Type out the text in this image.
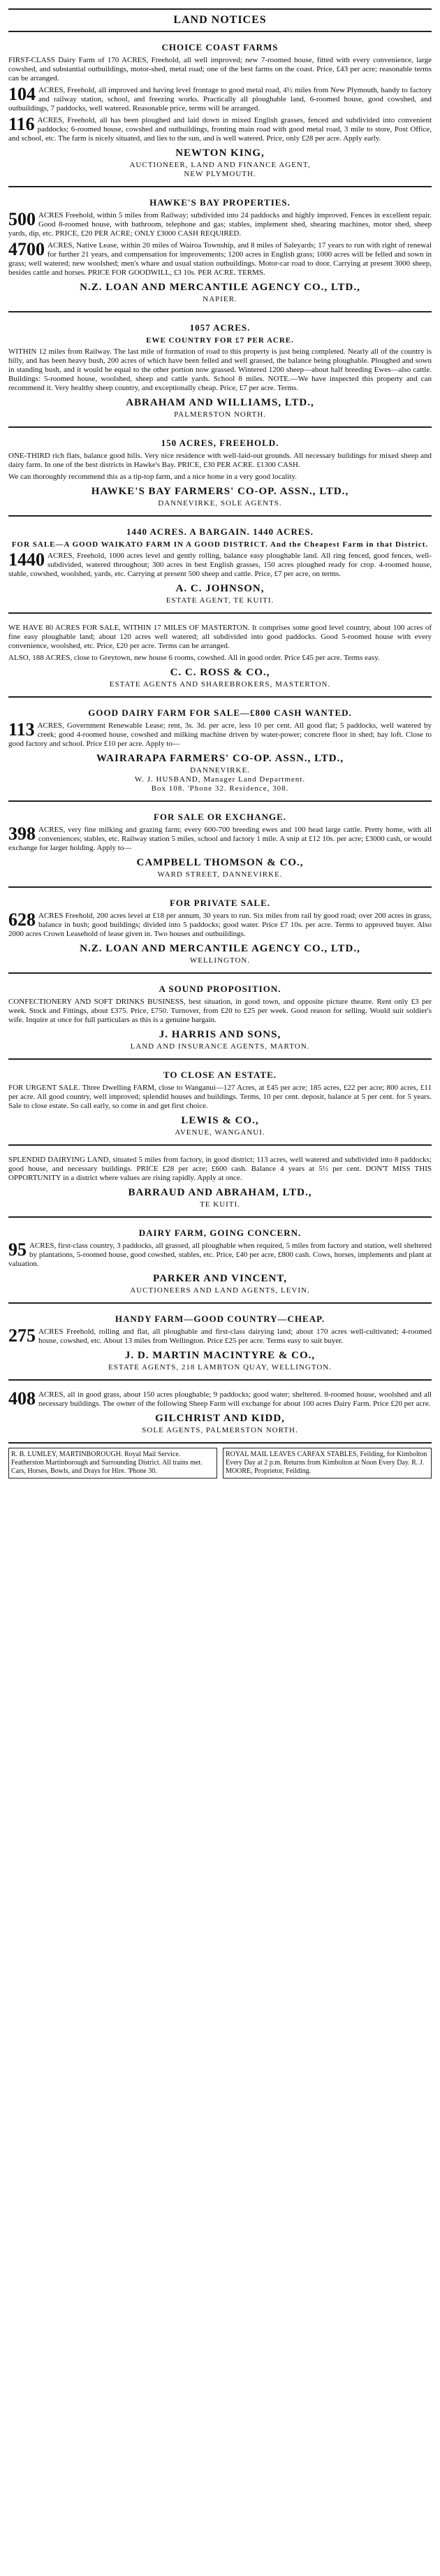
LAND NOTICES
CHOICE COAST FARMS
FIRST-CLASS Dairy Farm of 170 ACRES, Freehold, all well improved; new 7-roomed house, fitted with every convenience, large cowshed, and substantial outbuildings, motor-shed, metal road; one of the best farms on the coast. Price, £43 per acre; reasonable terms can be arranged.
104 ACRES, Freehold, all improved and having level frontage to good metal road, 4½ miles from New Plymouth, handy to factory and railway station, school, and freezing works. Practically all ploughable land, 6-roomed house, good cowshed, and outbuildings, 7 paddocks, well watered. Reasonable price, terms will be arranged.
116 ACRES, Freehold, all has been ploughed and laid down in mixed English grasses, fenced and subdivided into convenient paddocks; 6-roomed house, cowshed and outbuildings, fronting main road with good metal road, 3 mile to store, Post Office, and school, etc. The farm is nicely situated, and lies to the sun, and is well watered. Price, only £28 per acre. Apply early.
NEWTON KING,
AUCTIONEER, LAND AND FINANCE AGENT,
NEW PLYMOUTH.
HAWKE'S BAY PROPERTIES.
500 ACRES Freehold, within 5 miles from Railway; subdivided into 24 paddocks and highly improved. Fences in excellent repair. Good 8-roomed house, with bathroom, telephone and gas; stables, implement shed, shearing machines, motor shed, sheep yards, dip, etc. PRICE, £20 PER ACRE; ONLY £3000 CASH REQUIRED.
4700 ACRES, Native Lease, within 20 miles of Wairoa Township, and 8 miles of Saleyards; 17 years to run with right of renewal for further 21 years, and compensation for improvements; 1200 acres in English grass; 1000 acres will be felled and sown in grass; well watered; new woolshed; men's whare and usual station outbuildings. Motor-car road to door. Carrying at present 3000 sheep, besides cattle and horses. PRICE FOR GOODWILL, £3 10s. PER ACRE. TERMS.
N.Z. LOAN AND MERCANTILE AGENCY CO., LTD.,
NAPIER.
1057 ACRES.
EWE COUNTRY FOR £7 PER ACRE.
WITHIN 12 miles from Railway. The last mile of formation of road to this property is just being completed. Nearly all of the country is hilly, and has been heavy bush, 200 acres of which have been felled and well grassed, the balance being ploughable. Ploughed and sown in standing bush, and it would be equal to the other portion now grassed. Wintered 1200 sheep—about half breeding Ewes—also cattle. Buildings: 5-roomed house, woolshed, sheep and cattle yards. School 8 miles. NOTE.—We have inspected this property and can recommend it. Very healthy sheep country, and exceptionally cheap. Price, £7 per acre. Terms.
ABRAHAM AND WILLIAMS, LTD.,
PALMERSTON NORTH.
150 ACRES, FREEHOLD.
ONE-THIRD rich flats, balance good hills. Very nice residence with well-laid-out grounds. All necessary buildings for mixed sheep and dairy farm. In one of the best districts in Hawke's Bay. PRICE, £30 PER ACRE. £1300 CASH.
We can thoroughly recommend this as a tip-top farm, and a nice home in a very good locality.
HAWKE'S BAY FARMERS' CO-OP. ASSN., LTD.,
DANNEVIRKE, SOLE AGENTS.
1440 ACRES. A BARGAIN. 1440 ACRES.
FOR SALE—A GOOD WAIKATO FARM IN A GOOD DISTRICT. And the Cheapest Farm in that District.
1440 ACRES, Freehold, 1000 acres level and gently rolling, balance easy ploughable land. All ring fenced, good fences, well-subdivided, watered throughout; 300 acres in best English grasses, 150 acres ploughed ready for crop. 4-roomed house, stable, cowshed, woolshed, yards, etc. Carrying at present 500 sheep and cattle. Price, £7 per acre, on terms.
A. C. JOHNSON,
ESTATE AGENT, TE KUITI.
WE HAVE 80 ACRES FOR SALE, WITHIN 17 MILES OF MASTERTON. It comprises some good level country, about 100 acres of fine easy ploughable land; about 120 acres well watered; all subdivided into good paddocks. Good 5-roomed house with every convenience, woolshed, etc. Price, £20 per acre. Terms can be arranged.
ALSO, 188 ACRES, close to Greytown, new house 6 rooms, cowshed. All in good order. Price £45 per acre. Terms easy.
C. C. ROSS & CO.,
ESTATE AGENTS AND SHAREBROKERS, MASTERTON.
GOOD DAIRY FARM FOR SALE—£800 CASH WANTED.
113 ACRES, Government Renewable Lease; rent, 3s. 3d. per acre, less 10 per cent. All good flat; 5 paddocks, well watered by creek; good 4-roomed house, cowshed and milking machine driven by water-power; concrete floor in shed; hay loft. Close to good factory and school. Price £10 per acre. Apply to—
WAIRARAPA FARMERS' CO-OP. ASSN., LTD.,
DANNEVIRKE.
W. J. HUSBAND, Manager Land Department.
Box 108. 'Phone 32. Residence, 308.
FOR SALE OR EXCHANGE.
398 ACRES, very fine milking and grazing farm; every 600-700 breeding ewes and 100 head large cattle. Pretty home, with all conveniences; stables, etc. Railway station 5 miles, school and factory 1 mile. A snip at £12 10s. per acre; £3000 cash, or would exchange for larger holding. Apply to—
CAMPBELL THOMSON & CO.,
WARD STREET, DANNEVIRKE.
FOR PRIVATE SALE.
628 ACRES Freehold, 200 acres level at £18 per annum, 30 years to run. Six miles from rail by good road; over 200 acres in grass, balance in bush; good buildings; divided into 5 paddocks; good water. Price £7 10s. per acre. Terms to approved buyer. Also 2000 acres Crown Leasehold of lease given in. Two houses and outbuildings.
N.Z. LOAN AND MERCANTILE AGENCY CO., LTD.,
WELLINGTON.
A SOUND PROPOSITION.
CONFECTIONERY AND SOFT DRINKS BUSINESS, best situation, in good town, and opposite picture theatre. Rent only £3 per week. Stock and Fittings, about £375. Price, £750. Turnover, from £20 to £25 per week. Good reason for selling. Would suit soldier's wife. Inquire at once for full particulars as this is a genuine bargain.
J. HARRIS AND SONS,
LAND AND INSURANCE AGENTS, MARTON.
TO CLOSE AN ESTATE.
FOR URGENT SALE. Three Dwelling FARM, close to Wanganui—127 Acres, at £45 per acre; 185 acres, £22 per acre; 800 acres, £11 per acre. All good country, well improved; splendid houses and buildings. Terms, 10 per cent. deposit, balance at 5 per cent. for 5 years. Sale to close estate. So call early, so come in and get first choice.
LEWIS & CO.,
AVENUE, WANGANUI.
SPLENDID DAIRYING LAND, situated 5 miles from factory, in good district; 113 acres, well watered and subdivided into 8 paddocks; good house, and necessary buildings. PRICE £28 per acre; £600 cash. Balance 4 years at 5½ per cent. DON'T MISS THIS OPPORTUNITY in a district where values are rising rapidly. Apply at once.
BARRAUD AND ABRAHAM, LTD.,
TE KUITI.
DAIRY FARM, GOING CONCERN.
95 ACRES, first-class country, 3 paddocks, all grassed, all ploughable when required, 5 miles from factory and station, well sheltered by plantations, 5-roomed house, good cowshed, stables, etc. Price, £40 per acre, £800 cash. Cows, horses, implements and plant at valuation.
PARKER AND VINCENT,
AUCTIONEERS AND LAND AGENTS, LEVIN.
HANDY FARM—GOOD COUNTRY—CHEAP.
275 ACRES Freehold, rolling and flat, all ploughable and first-class dairying land; about 170 acres well-cultivated; 4-roomed house, cowshed, etc. About 13 miles from Wellington. Price £25 per acre. Terms easy to suit buyer.
J. D. MARTIN MACINTYRE & CO.,
ESTATE AGENTS, 218 LAMBTON QUAY, WELLINGTON.
408 ACRES, all in good grass, about 150 acres ploughable; 9 paddocks; good water; sheltered. 8-roomed house, woolshed and all necessary buildings. The owner of the following Sheep Farm will exchange for about 100 acres Dairy Farm. Price £20 per acre.
GILCHRIST AND KIDD,
SOLE AGENTS, PALMERSTON NORTH.
R. B. LUMLEY, MARTINBOROUGH. Royal Mail Service. Featherston Martinborough and Surrounding District. All trains met. Cars, Horses, Bowls, and Drays for Hire. 'Phone 30.
ROYAL MAIL LEAVES CARFAX STABLES, Feilding, for Kimbolton Every Day at 2 p.m. Returns from Kimbolton at Noon Every Day. R. J. MOORE, Proprietor, Feilding.
